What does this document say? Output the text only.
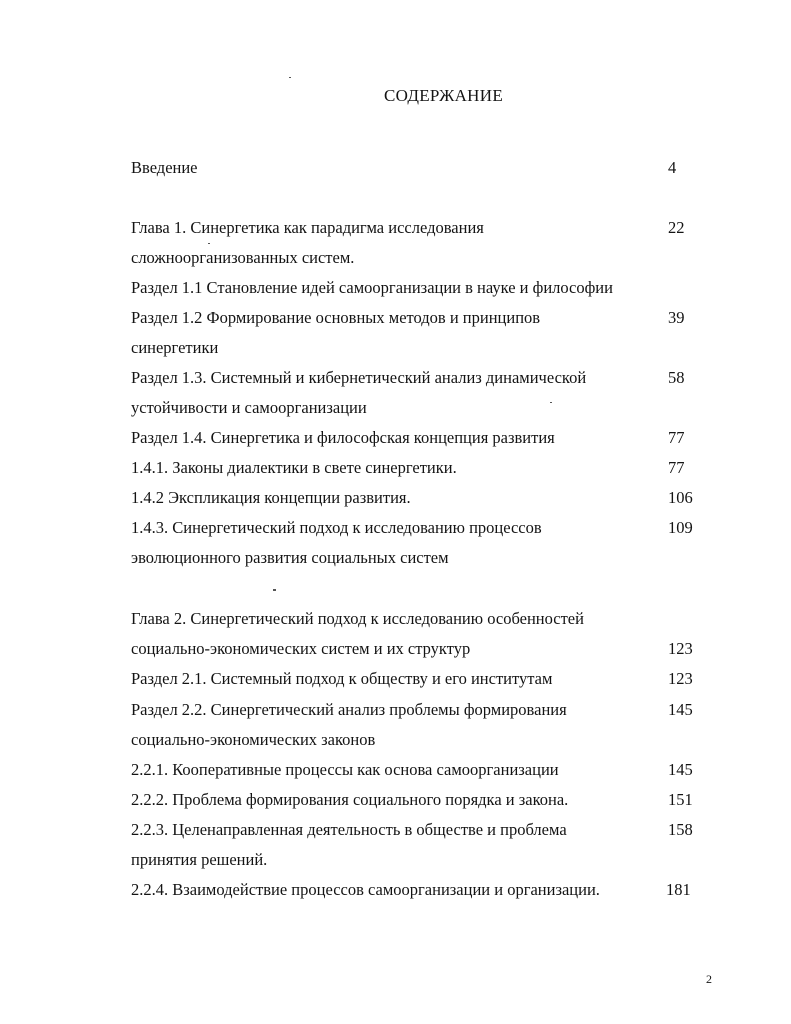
СОДЕРЖАНИЕ
Введение	4
Глава 1. Синергетика как парадигма исследования	22
сложноорганизованных систем.
Раздел 1.1 Становление идей самоорганизации в науке и философии
Раздел 1.2 Формирование основных методов и принципов	39
синергетики
Раздел 1.3. Системный и кибернетический анализ динамической	58
устойчивости и самоорганизации
Раздел 1.4. Синергетика и философская концепция развития	77
1.4.1. Законы диалектики в свете синергетики.	77
1.4.2 Экспликация концепции развития.	106
1.4.3. Синергетический подход к исследованию процессов	109
эволюционного развития социальных систем
Глава 2. Синергетический подход к исследованию особенностей
социально-экономических систем и их структур	123
Раздел 2.1. Системный подход к обществу и его институтам	123
Раздел 2.2. Синергетический анализ проблемы формирования	145
социально-экономических законов
2.2.1. Кооперативные процессы как основа самоорганизации	145
2.2.2. Проблема формирования социального порядка и закона.	151
2.2.3. Целенаправленная деятельность в обществе и проблема	158
принятия решений.
2.2.4. Взаимодействие процессов самоорганизации и организации.	181
2
